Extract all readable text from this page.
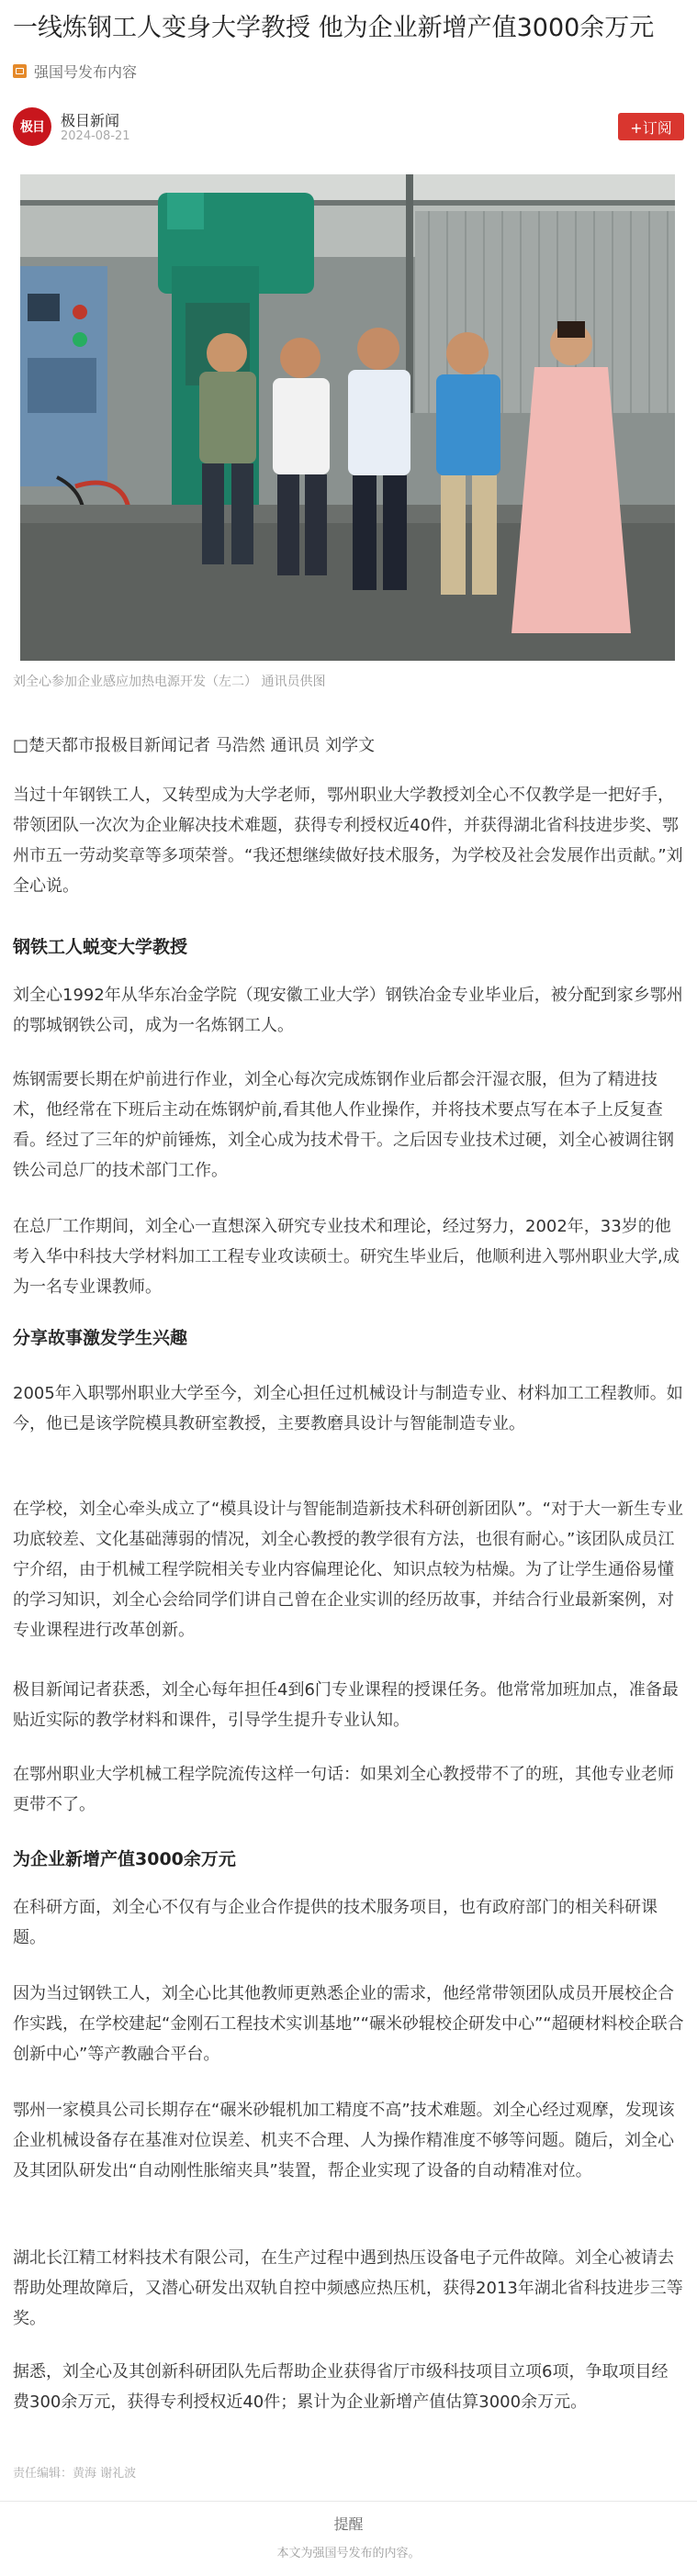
一线炼钢工人变身大学教授 他为企业新增产值3000余万元
强国号发布内容
极目	极目新闻
2024-08-21	+订阅
刘全心参加企业感应加热电源开发（左二） 通讯员供图

□楚天都市报极目新闻记者 马浩然 通讯员 刘学文

当过十年钢铁工人，又转型成为大学老师，鄂州职业大学教授刘全心不仅教学是一把好手，带领团队一次次为企业解决技术难题，获得专利授权近40件，并获得湖北省科技进步奖、鄂州市五一劳动奖章等多项荣誉。“我还想继续做好技术服务，为学校及社会发展作出贡献。”刘全心说。

钢铁工人蜕变大学教授

刘全心1992年从华东冶金学院（现安徽工业大学）钢铁冶金专业毕业后，被分配到家乡鄂州的鄂城钢铁公司，成为一名炼钢工人。

炼钢需要长期在炉前进行作业，刘全心每次完成炼钢作业后都会汗湿衣服，但为了精进技术，他经常在下班后主动在炼钢炉前,看其他人作业操作，并将技术要点写在本子上反复查看。经过了三年的炉前锤炼，刘全心成为技术骨干。之后因专业技术过硬，刘全心被调往钢铁公司总厂的技术部门工作。

在总厂工作期间，刘全心一直想深入研究专业技术和理论，经过努力，2002年，33岁的他考入华中科技大学材料加工工程专业攻读硕士。研究生毕业后，他顺利进入鄂州职业大学,成为一名专业课教师。

分享故事激发学生兴趣

2005年入职鄂州职业大学至今，刘全心担任过机械设计与制造专业、材料加工工程教师。如今，他已是该学院模具教研室教授，主要教磨具设计与智能制造专业。

在学校，刘全心牵头成立了“模具设计与智能制造新技术科研创新团队”。“对于大一新生专业功底较差、文化基础薄弱的情况，刘全心教授的教学很有方法，也很有耐心。”该团队成员江宁介绍，由于机械工程学院相关专业内容偏理论化、知识点较为枯燥。为了让学生通俗易懂的学习知识，刘全心会给同学们讲自己曾在企业实训的经历故事，并结合行业最新案例，对专业课程进行改革创新。

极目新闻记者获悉，刘全心每年担任4到6门专业课程的授课任务。他常常加班加点，准备最贴近实际的教学材料和课件，引导学生提升专业认知。

在鄂州职业大学机械工程学院流传这样一句话：如果刘全心教授带不了的班，其他专业老师更带不了。

为企业新增产值3000余万元

在科研方面，刘全心不仅有与企业合作提供的技术服务项目，也有政府部门的相关科研课题。

因为当过钢铁工人，刘全心比其他教师更熟悉企业的需求，他经常带领团队成员开展校企合作实践，在学校建起“金刚石工程技术实训基地”“碾米砂辊校企研发中心”“超硬材料校企联合创新中心”等产教融合平台。

鄂州一家模具公司长期存在“碾米砂辊机加工精度不高”技术难题。刘全心经过观摩，发现该企业机械设备存在基准对位误差、机夹不合理、人为操作精准度不够等问题。随后，刘全心及其团队研发出“自动刚性胀缩夹具”装置，帮企业实现了设备的自动精准对位。

湖北长江精工材料技术有限公司，在生产过程中遇到热压设备电子元件故障。刘全心被请去帮助处理故障后，又潜心研发出双轨自控中频感应热压机，获得2013年湖北省科技进步三等奖。

据悉，刘全心及其创新科研团队先后帮助企业获得省厅市级科技项目立项6项，争取项目经费300余万元，获得专利授权近40件；累计为企业新增产值估算3000余万元。

责任编辑：黄海 谢礼波
提醒
本文为强国号发布的内容。
